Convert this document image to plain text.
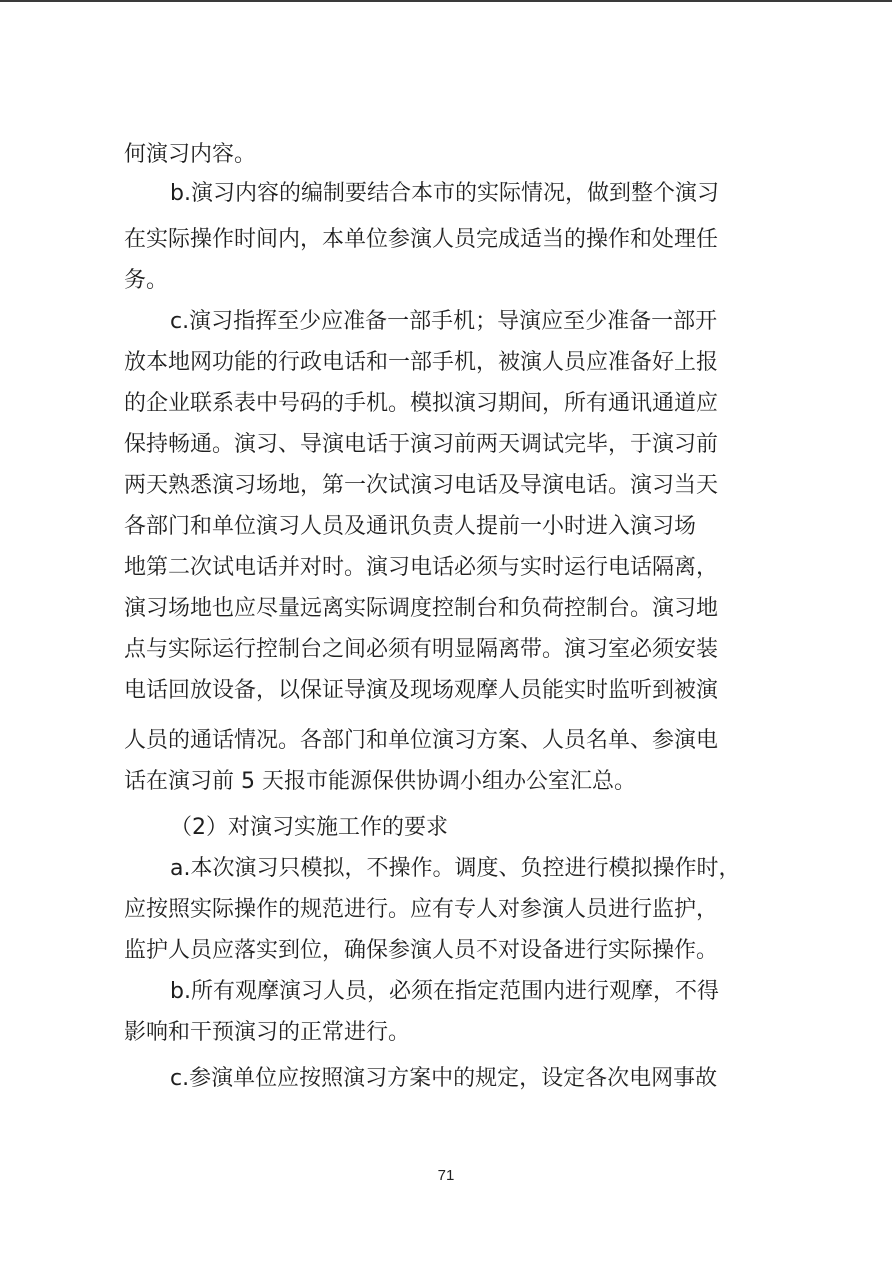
何演习内容。
b.演习内容的编制要结合本市的实际情况，做到整个演习
在实际操作时间内，本单位参演人员完成适当的操作和处理任
务。
c.演习指挥至少应准备一部手机；导演应至少准备一部开
放本地网功能的行政电话和一部手机，被演人员应准备好上报
的企业联系表中号码的手机。模拟演习期间，所有通讯通道应
保持畅通。演习、导演电话于演习前两天调试完毕，于演习前
两天熟悉演习场地，第一次试演习电话及导演电话。演习当天
各部门和单位演习人员及通讯负责人提前一小时进入演习场
地第二次试电话并对时。演习电话必须与实时运行电话隔离，
演习场地也应尽量远离实际调度控制台和负荷控制台。演习地
点与实际运行控制台之间必须有明显隔离带。演习室必须安装
电话回放设备，以保证导演及现场观摩人员能实时监听到被演
人员的通话情况。各部门和单位演习方案、人员名单、参演电
话在演习前 5 天报市能源保供协调小组办公室汇总。
（2）对演习实施工作的要求
a.本次演习只模拟，不操作。调度、负控进行模拟操作时，
应按照实际操作的规范进行。应有专人对参演人员进行监护，
监护人员应落实到位，确保参演人员不对设备进行实际操作。
b.所有观摩演习人员，必须在指定范围内进行观摩，不得
影响和干预演习的正常进行。
c.参演单位应按照演习方案中的规定，设定各次电网事故
71
